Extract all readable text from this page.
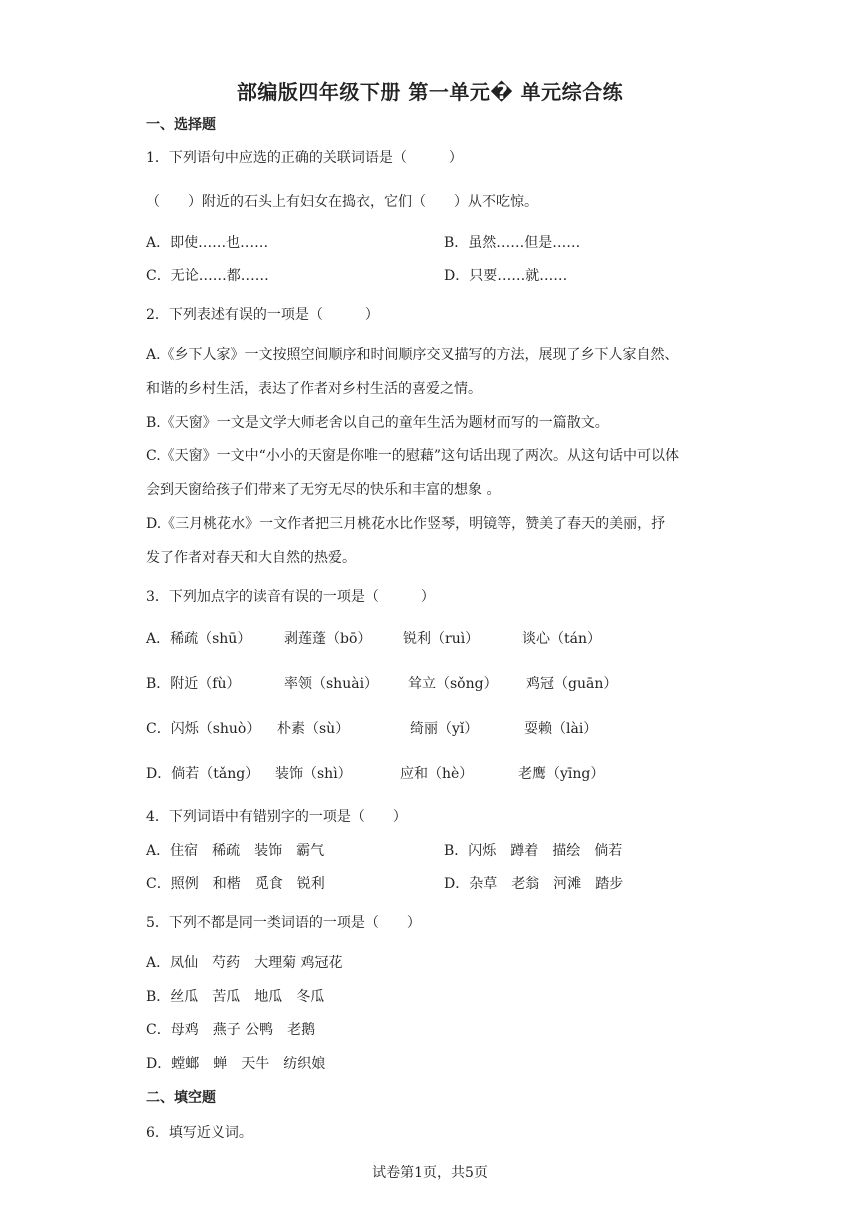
部编版四年级下册 第一单元� 单元综合练
一、选择题
1．下列语句中应选的正确的关联词语是（　　　）
（　　）附近的石头上有妇女在捣衣，它们（　　）从不吃惊。
A．即使……也……	B．虽然……但是……
C．无论……都……	D．只要……就……
2．下列表述有误的一项是（　　　）
A.《乡下人家》一文按照空间顺序和时间顺序交叉描写的方法，展现了乡下人家自然、
和谐的乡村生活，表达了作者对乡村生活的喜爱之情。
B.《天窗》一文是文学大师老舍以自己的童年生活为题材而写的一篇散文。
C.《天窗》一文中“小小的天窗是你唯一的慰藉”这句话出现了两次。从这句话中可以体
会到天窗给孩子们带来了无穷无尽的快乐和丰富的想象 。
D.《三月桃花水》一文作者把三月桃花水比作竖琴，明镜等，赞美了春天的美丽，抒
发了作者对春天和大自然的热爱。
3．下列加点字的读音有误的一项是（　　　）
A．稀疏（shū） 剥莲蓬（bō） 锐利（ruì）	谈心（tán）
B．附近（fù）	率领（shuài） 耸立（sǒng） 鸡冠（guān）
C．闪烁（shuò） 朴素（sù）	绮丽（yǐ）	耍赖（lài）
D．倘若（tǎng） 装饰（shì）	应和（hè）	老鹰（yīng）
4．下列词语中有错别字的一项是（　　）
A．住宿　稀疏　装饰　霸气	B．闪烁　蹲着　描绘　倘若
C．照例　和楷　觅食　锐利	D．杂草　老翁　河滩　踏步
5．下列不都是同一类词语的一项是（　　）
A．凤仙　芍药　大理菊 鸡冠花
B．丝瓜　苦瓜　地瓜　冬瓜
C．母鸡　燕子 公鸭　老鹅
D．螳螂　蝉　天牛　纺织娘
二、填空题
6．填写近义词。
试卷第1页，共5页
